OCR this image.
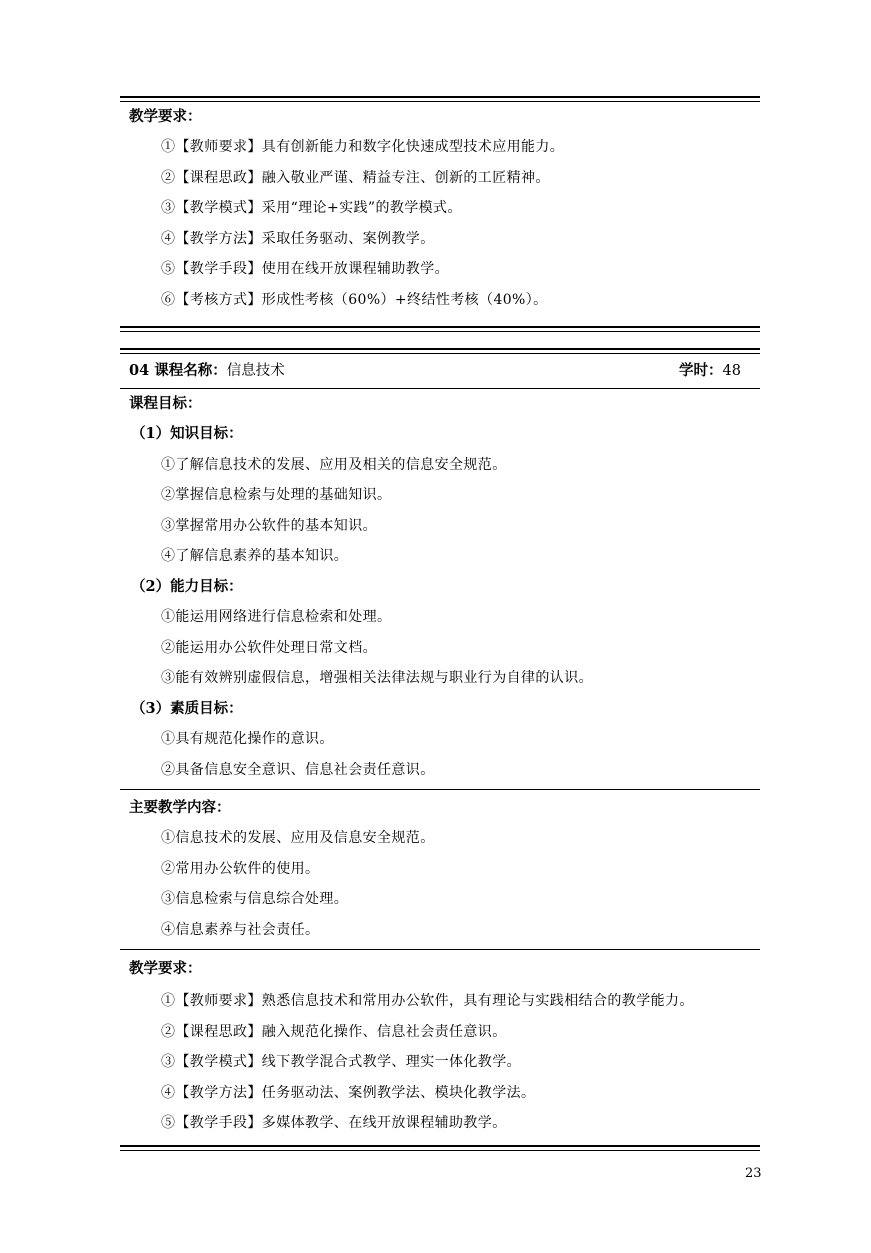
教学要求：
①【教师要求】具有创新能力和数字化快速成型技术应用能力。
②【课程思政】融入敬业严谨、精益专注、创新的工匠精神。
③【教学模式】采用“理论+实践”的教学模式。
④【教学方法】采取任务驱动、案例教学。
⑤【教学手段】使用在线开放课程辅助教学。
⑥【考核方式】形成性考核（60%）+终结性考核（40%）。
04 课程名称：信息技术	学时：48
课程目标：
（1）知识目标：
①了解信息技术的发展、应用及相关的信息安全规范。
②掌握信息检索与处理的基础知识。
③掌握常用办公软件的基本知识。
④了解信息素养的基本知识。
（2）能力目标：
①能运用网络进行信息检索和处理。
②能运用办公软件处理日常文档。
③能有效辨别虚假信息，增强相关法律法规与职业行为自律的认识。
（3）素质目标：
①具有规范化操作的意识。
②具备信息安全意识、信息社会责任意识。
主要教学内容：
①信息技术的发展、应用及信息安全规范。
②常用办公软件的使用。
③信息检索与信息综合处理。
④信息素养与社会责任。
教学要求：
①【教师要求】熟悉信息技术和常用办公软件，具有理论与实践相结合的教学能力。
②【课程思政】融入规范化操作、信息社会责任意识。
③【教学模式】线下教学混合式教学、理实一体化教学。
④【教学方法】任务驱动法、案例教学法、模块化教学法。
⑤【教学手段】多媒体教学、在线开放课程辅助教学。
23
